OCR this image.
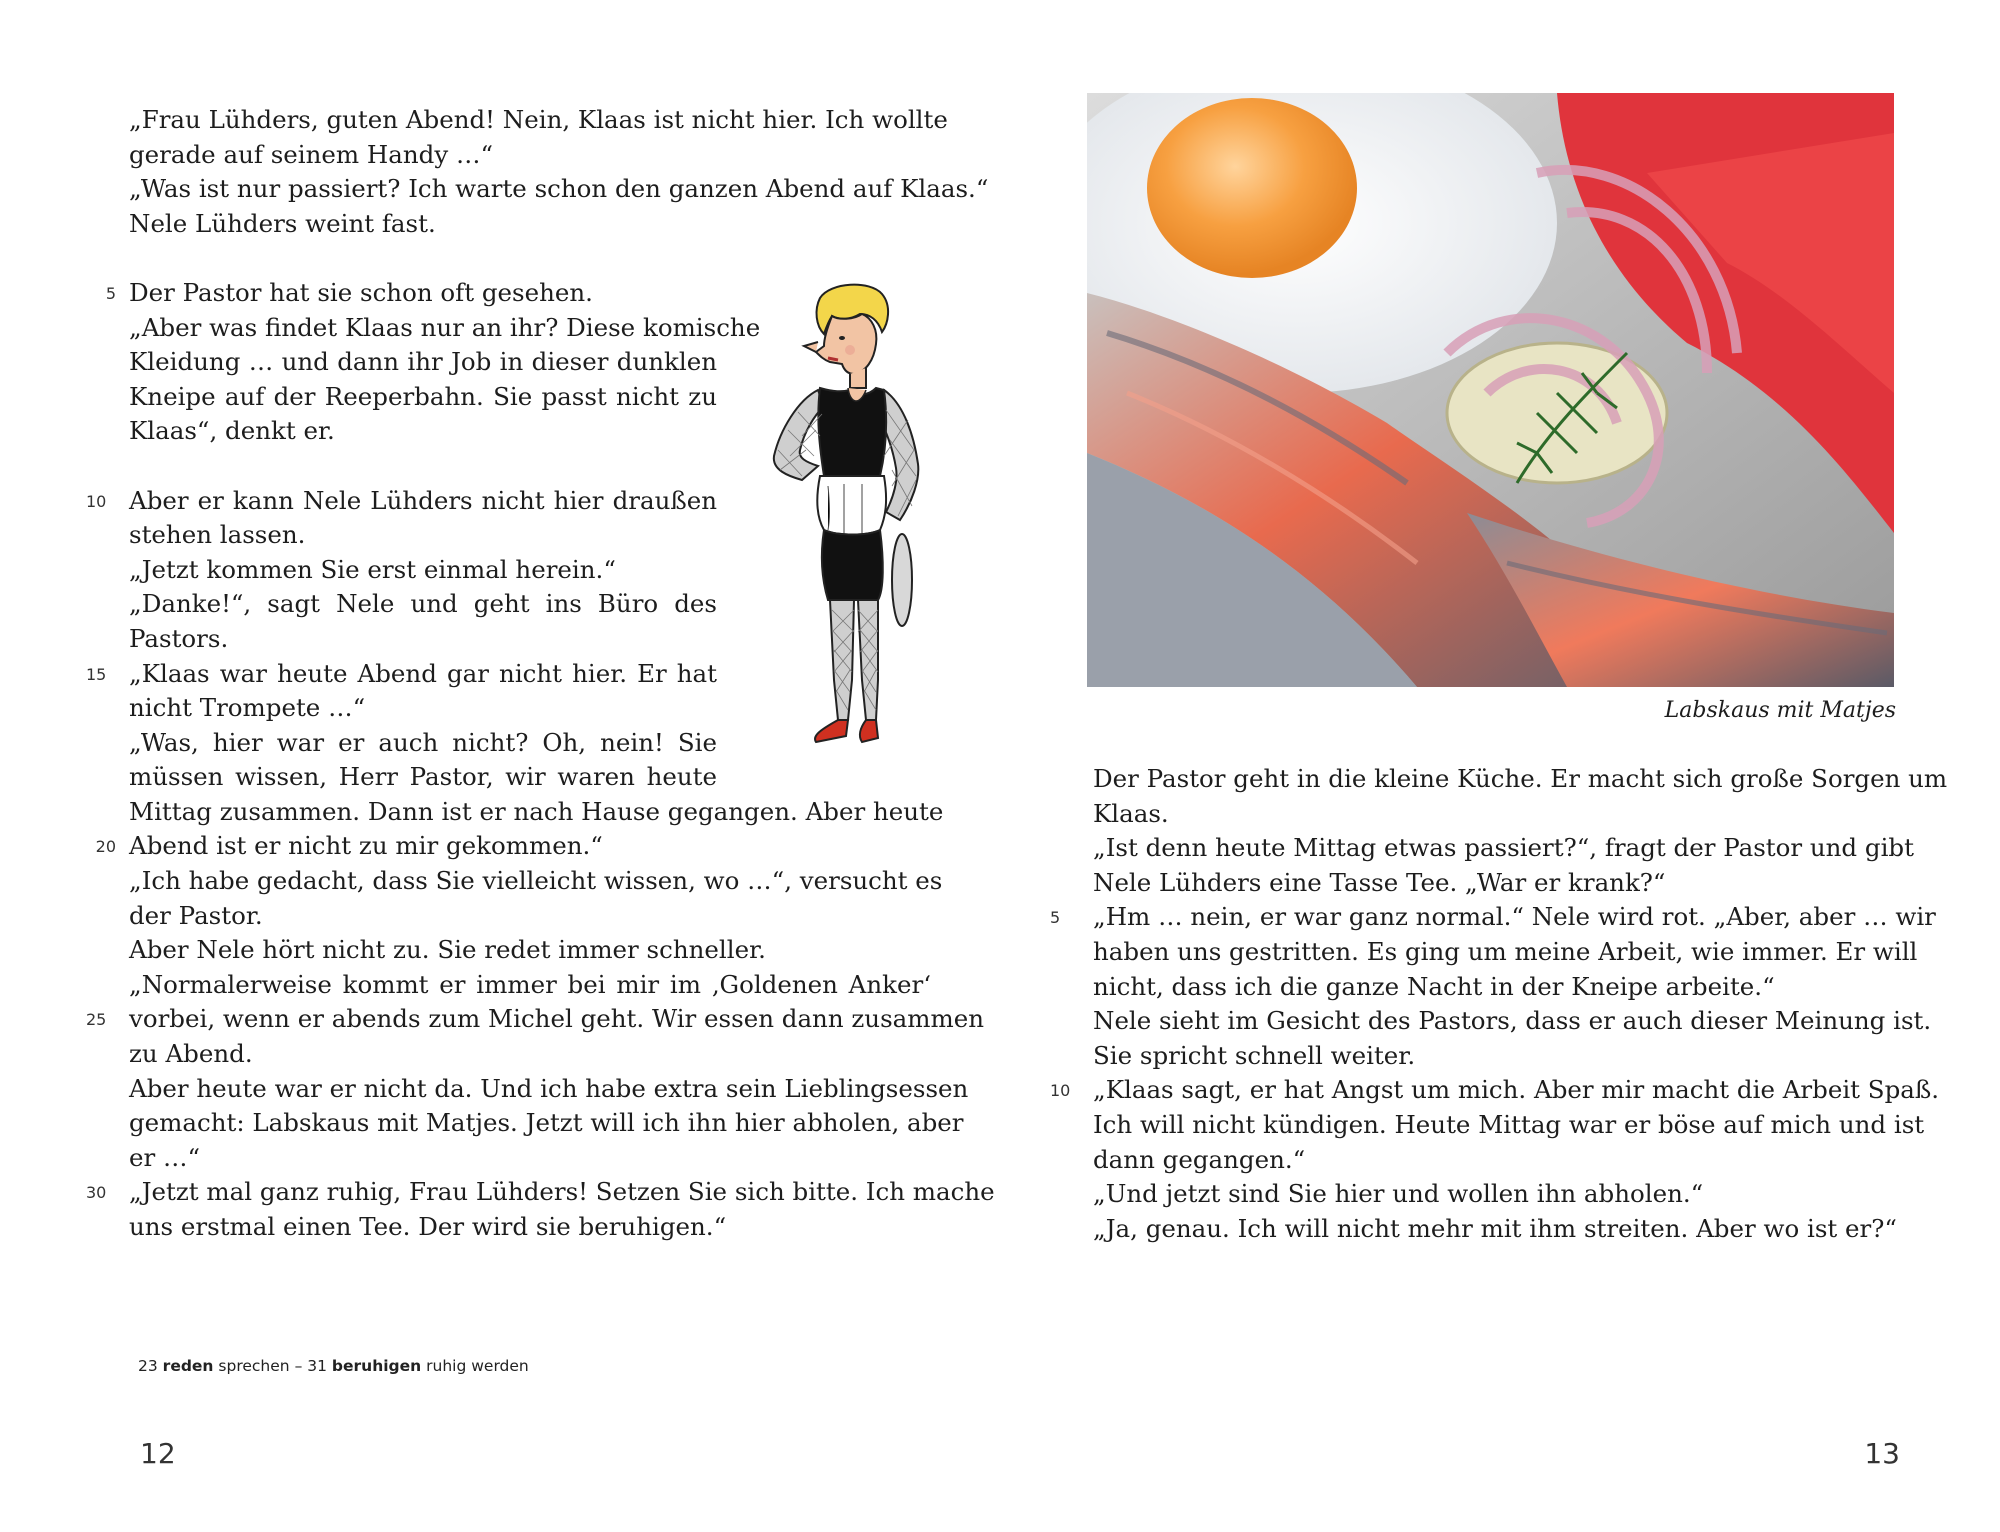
„Frau Lühders, guten Abend! Nein, Klaas ist nicht hier. Ich wollte
gerade auf seinem Handy …“
„Was ist nur passiert? Ich warte schon den ganzen Abend auf Klaas.“
Nele Lühders weint fast.
5 Der Pastor hat sie schon oft gesehen.
„Aber was findet Klaas nur an ihr? Diese komische
Kleidung … und dann ihr Job in dieser dunklen
Kneipe auf der Reeperbahn. Sie passt nicht zu
Klaas“, denkt er.
10 Aber er kann Nele Lühders nicht hier draußen
stehen lassen.
„Jetzt kommen Sie erst einmal herein.“
„Danke!“, sagt Nele und geht ins Büro des
Pastors.
15 „Klaas war heute Abend gar nicht hier. Er hat
nicht Trompete …“
„Was, hier war er auch nicht? Oh, nein! Sie
müssen wissen, Herr Pastor, wir waren heute
Mittag zusammen. Dann ist er nach Hause gegangen. Aber heute
20 Abend ist er nicht zu mir gekommen.“
„Ich habe gedacht, dass Sie vielleicht wissen, wo …“, versucht es
der Pastor.
Aber Nele hört nicht zu. Sie redet immer schneller.
„Normalerweise kommt er immer bei mir im ‚Goldenen Anker‘
25 vorbei, wenn er abends zum Michel geht. Wir essen dann zusammen
zu Abend.
Aber heute war er nicht da. Und ich habe extra sein Lieblingsessen
gemacht: Labskaus mit Matjes. Jetzt will ich ihn hier abholen, aber
er …“
30 „Jetzt mal ganz ruhig, Frau Lühders! Setzen Sie sich bitte. Ich mache
uns erstmal einen Tee. Der wird sie beruhigen.“
23 reden sprechen – 31 beruhigen ruhig werden
12
Labskaus mit Matjes
Der Pastor geht in die kleine Küche. Er macht sich große Sorgen um
Klaas.
„Ist denn heute Mittag etwas passiert?“, fragt der Pastor und gibt
Nele Lühders eine Tasse Tee. „War er krank?“
5	„Hm … nein, er war ganz normal.“ Nele wird rot. „Aber, aber … wir
haben uns gestritten. Es ging um meine Arbeit, wie immer. Er will
nicht, dass ich die ganze Nacht in der Kneipe arbeite.“
Nele sieht im Gesicht des Pastors, dass er auch dieser Meinung ist.
Sie spricht schnell weiter.
10 „Klaas sagt, er hat Angst um mich. Aber mir macht die Arbeit Spaß.
Ich will nicht kündigen. Heute Mittag war er böse auf mich und ist
dann gegangen.“
„Und jetzt sind Sie hier und wollen ihn abholen.“
„Ja, genau. Ich will nicht mehr mit ihm streiten. Aber wo ist er?“
13
